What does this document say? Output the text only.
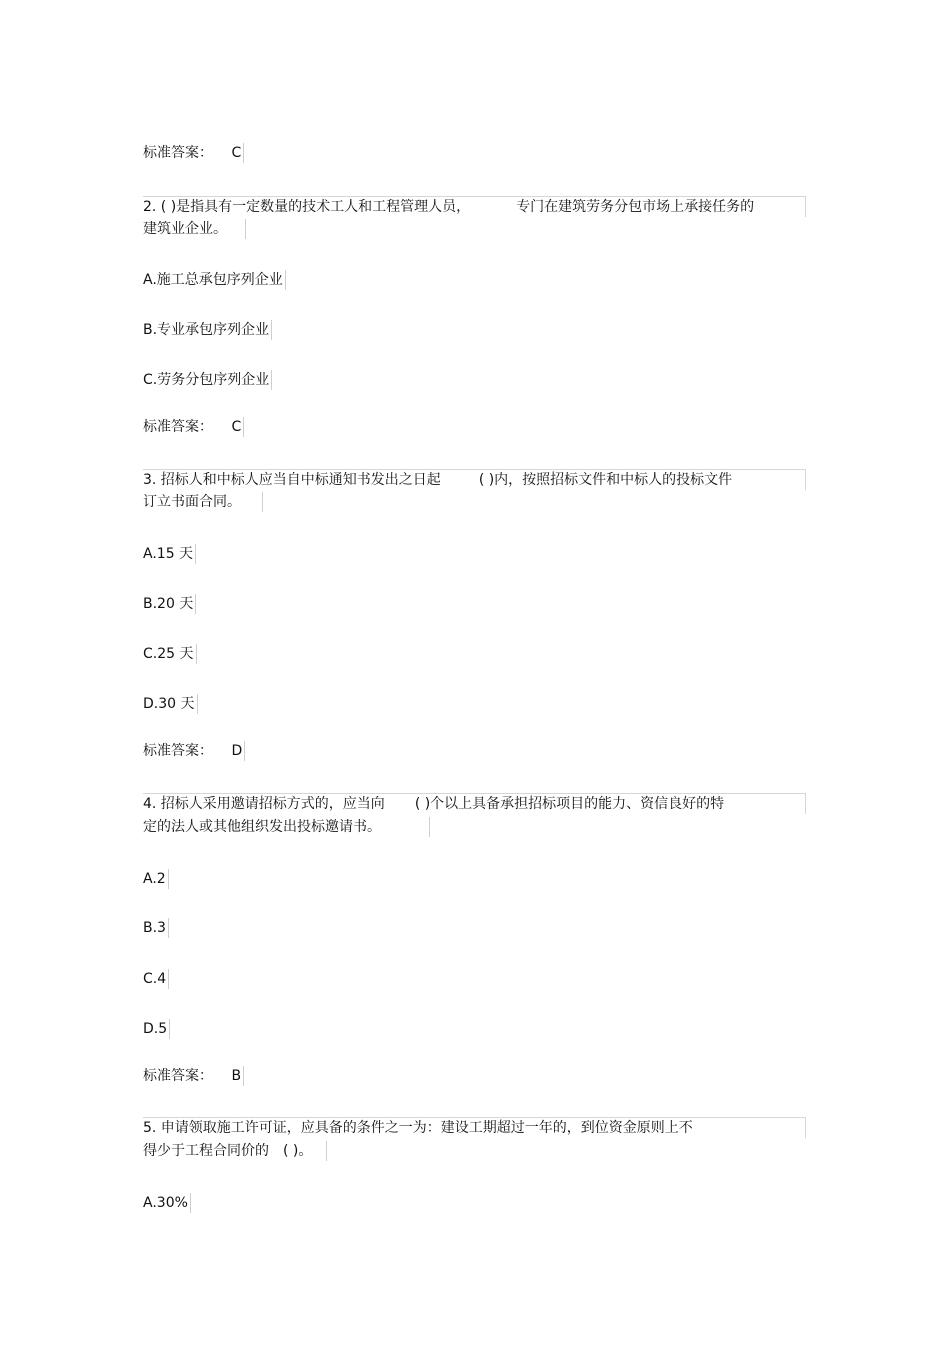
标准答案： C
2. ( )是指具有一定数量的技术工人和工程管理人员，	专门在建筑劳务分包市场上承接任务的
建筑业企业。
A.施工总承包序列企业
B.专业承包序列企业
C.劳务分包序列企业
标准答案： C
3. 招标人和中标人应当自中标通知书发出之日起	( )内，按照招标文件和中标人的投标文件
订立书面合同。
A.15 天
B.20 天
C.25 天
D.30 天
标准答案： D
4. 招标人采用邀请招标方式的，应当向 ( )个以上具备承担招标项目的能力、资信良好的特
定的法人或其他组织发出投标邀请书。
A.2
B.3
C.4
D.5
标准答案： B
5. 申请领取施工许可证，应具备的条件之一为：建设工期超过一年的，到位资金原则上不
得少于工程合同价的 ( )。
A.30%
